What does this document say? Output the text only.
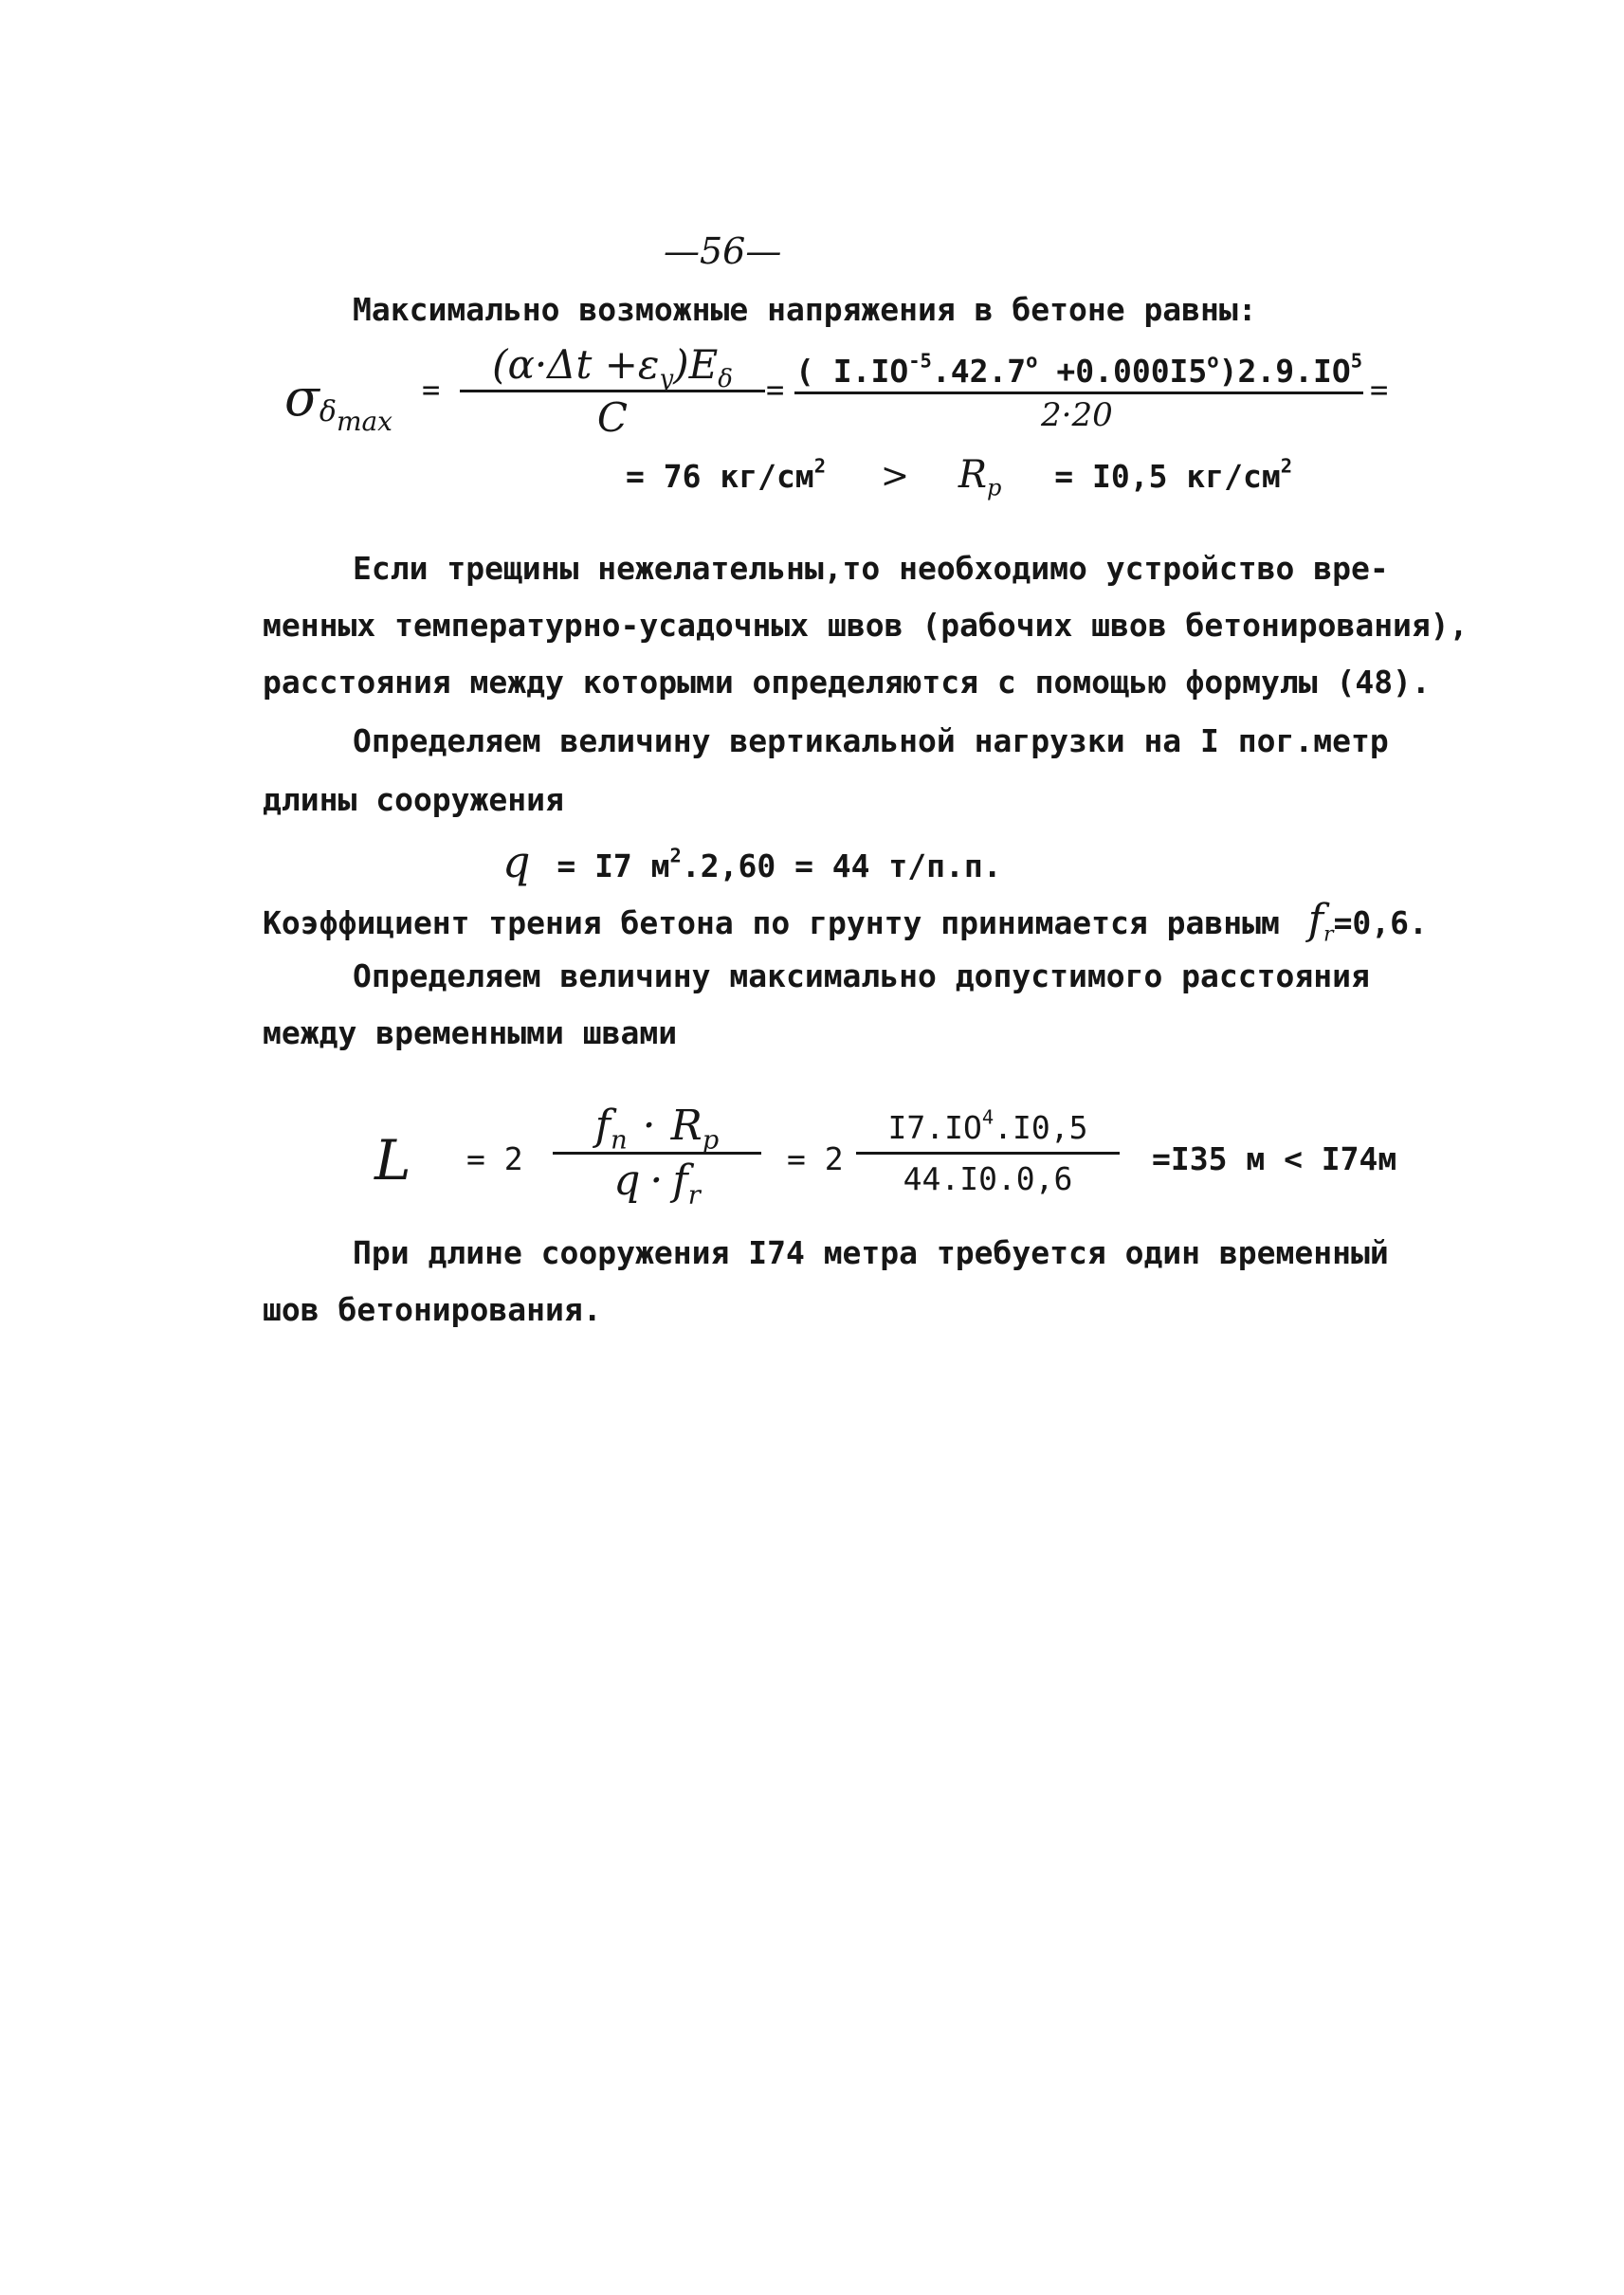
—56—
Максимально возможные напряжения в бетоне равны:
$\sigma\delta_{max}$
=
$(\alpha\cdot\Delta t +\varepsilon_y)E_\delta$
C
= ( $I.IO^{-5}.42.7^o +0.000I5^o)2.9.IO^5$
2·20
=
= 76 $кг/см^2 > R_p = I0,5$ $кг/см^2$
Если трещины нежелательны,то необходимо устройство вре-
менных температурно-усадочных швов (рабочих швов бетонирования),
расстояния между которыми определяются с помощью формулы (48).
Определяем величину вертикальной нагрузки на I пог.метр
длины сооружения
q = I7 $м^2.2,60 = 44$ т/п.п.
Коэффициент трения бетона по грунту принимается равным $f_r=0,6$.
Определяем величину максимально допустимого расстояния
между временными швами
L = 2
$f_n \cdot R_p$
$q \cdot f_r$
= 2
$I7.IO^4.I0,5$
44.I0.0,6
=I35 м < I74м
При длине сооружения I74 метра требуется один временный
шов бетонирования.
